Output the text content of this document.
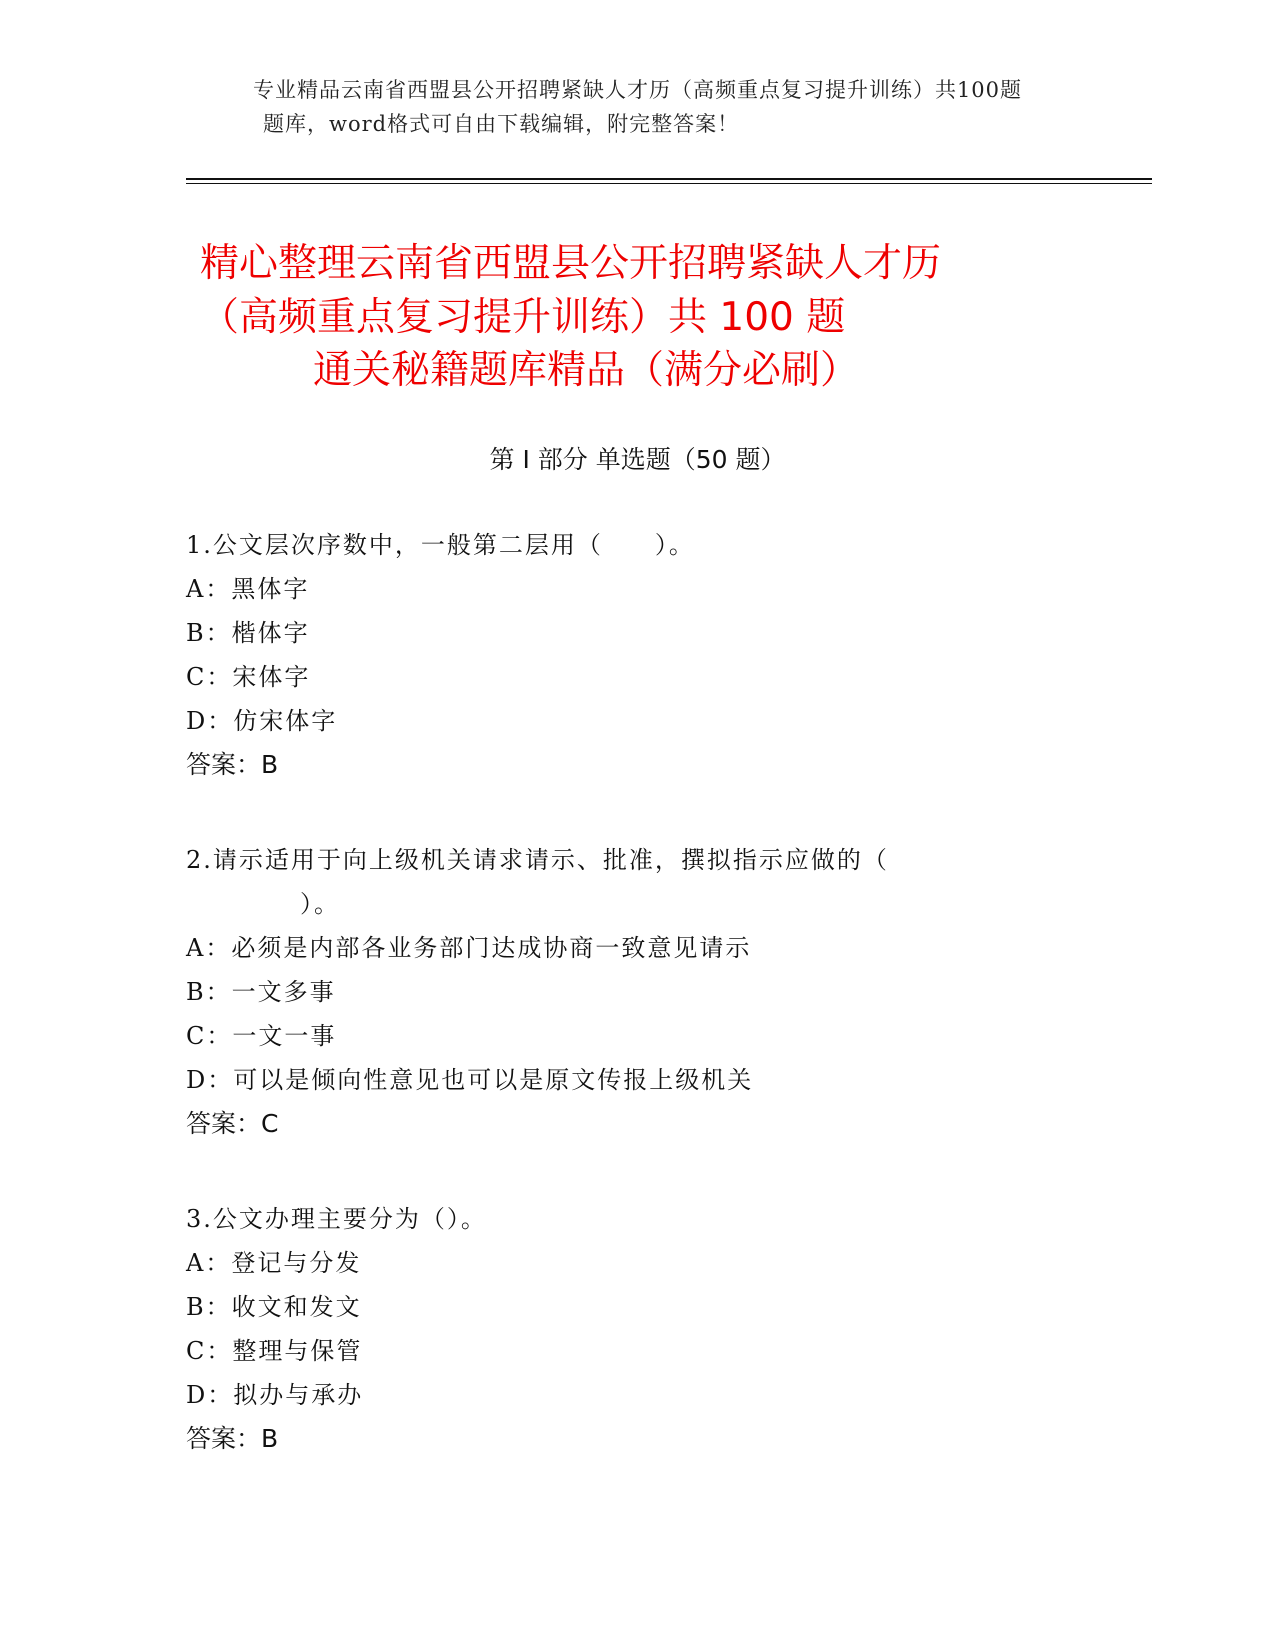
专业精品云南省西盟县公开招聘紧缺人才历（高频重点复习提升训练）共100题
题库，word格式可自由下载编辑，附完整答案！
精心整理云南省西盟县公开招聘紧缺人才历
（高频重点复习提升训练）共 100 题
通关秘籍题库精品（满分必刷）
第 I 部分 单选题（50 题）
1.公文层次序数中，一般第二层用（　　）。
A：黑体字
B：楷体字
C：宋体字
D：仿宋体字
答案：B
2.请示适用于向上级机关请求请示、批准，撰拟指示应做的（
）。
A：必须是内部各业务部门达成协商一致意见请示
B：一文多事
C：一文一事
D：可以是倾向性意见也可以是原文传报上级机关
答案：C
3.公文办理主要分为（）。
A：登记与分发
B：收文和发文
C：整理与保管
D：拟办与承办
答案：B
